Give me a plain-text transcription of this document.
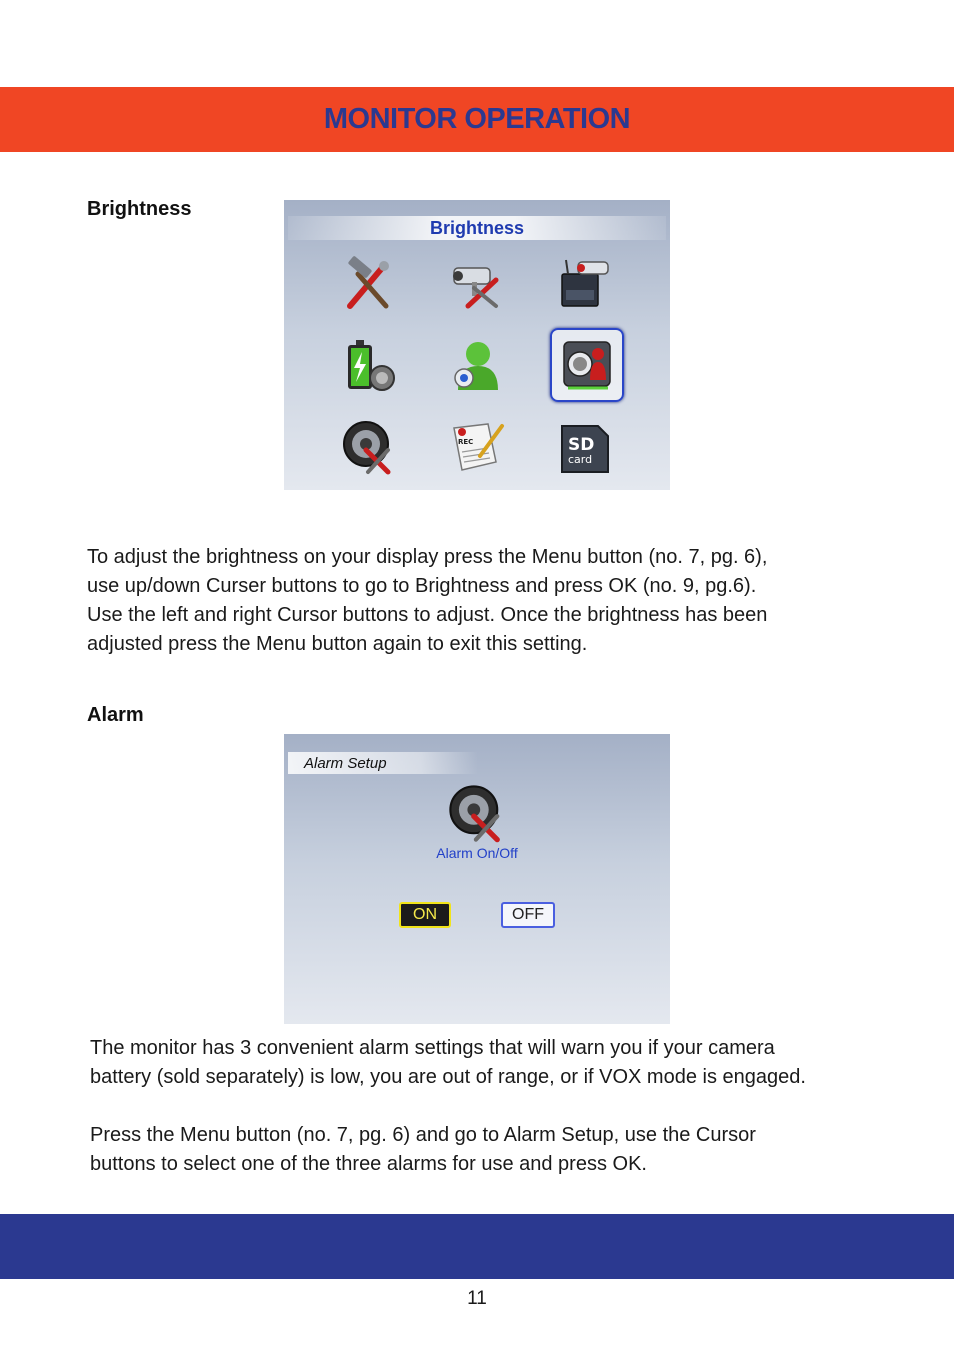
MONITOR OPERATION
Brightness
Brightness
REC	SD
card
To adjust the brightness on your display press the Menu button (no. 7, pg. 6),
use up/down Curser buttons to go to Brightness and press OK (no. 9, pg.6).
Use the left and right Cursor buttons to adjust. Once the brightness has been
adjusted press the Menu button again to exit this setting.
Alarm
Alarm Setup
Alarm On/Off
ON	OFF
The monitor has 3 convenient alarm settings that will warn you if your camera
battery (sold separately) is low, you are out of range, or if VOX mode is engaged.
Press the Menu button (no. 7, pg. 6) and go to Alarm Setup, use the Cursor
buttons to select one of the three alarms for use and press OK.
11
